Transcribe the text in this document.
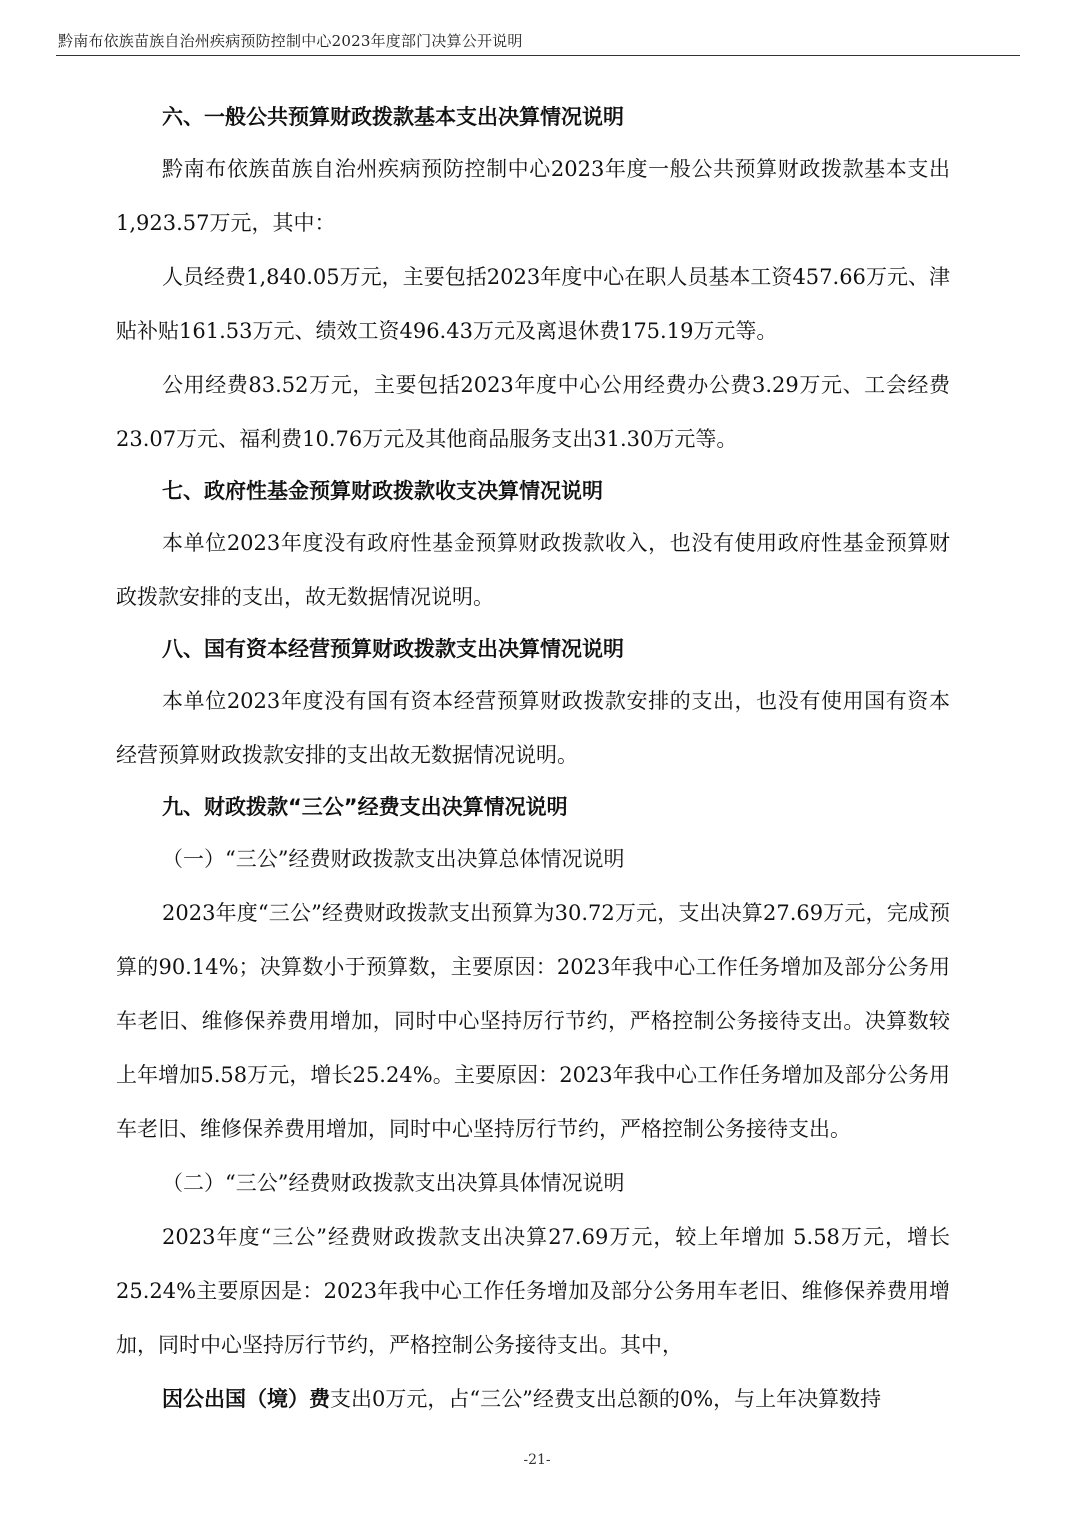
黔南布依族苗族自治州疾病预防控制中心2023年度部门决算公开说明

六、一般公共预算财政拨款基本支出决算情况说明

黔南布依族苗族自治州疾病预防控制中心2023年度一般公共预算财政拨款基本支出1,923.57万元，其中：

人员经费1,840.05万元，主要包括2023年度中心在职人员基本工资457.66万元、津贴补贴161.53万元、绩效工资496.43万元及离退休费175.19万元等。

公用经费83.52万元，主要包括2023年度中心公用经费办公费3.29万元、工会经费23.07万元、福利费10.76万元及其他商品服务支出31.30万元等。

七、政府性基金预算财政拨款收支决算情况说明

本单位2023年度没有政府性基金预算财政拨款收入，也没有使用政府性基金预算财政拨款安排的支出，故无数据情况说明。

八、国有资本经营预算财政拨款支出决算情况说明

本单位2023年度没有国有资本经营预算财政拨款安排的支出，也没有使用国有资本经营预算财政拨款安排的支出故无数据情况说明。

九、财政拨款“三公”经费支出决算情况说明

（一）“三公”经费财政拨款支出决算总体情况说明

2023年度“三公”经费财政拨款支出预算为30.72万元，支出决算27.69万元，完成预算的90.14%；决算数小于预算数，主要原因：2023年我中心工作任务增加及部分公务用车老旧、维修保养费用增加，同时中心坚持厉行节约，严格控制公务接待支出。决算数较上年增加5.58万元，增长25.24%。主要原因：2023年我中心工作任务增加及部分公务用车老旧、维修保养费用增加，同时中心坚持厉行节约，严格控制公务接待支出。

（二）“三公”经费财政拨款支出决算具体情况说明

2023年度“三公”经费财政拨款支出决算27.69万元，较上年增加 5.58万元，增长 25.24%主要原因是：2023年我中心工作任务增加及部分公务用车老旧、维修保养费用增加，同时中心坚持厉行节约，严格控制公务接待支出。其中，

因公出国（境）费支出0万元，占“三公”经费支出总额的0%，与上年决算数持

-21-
